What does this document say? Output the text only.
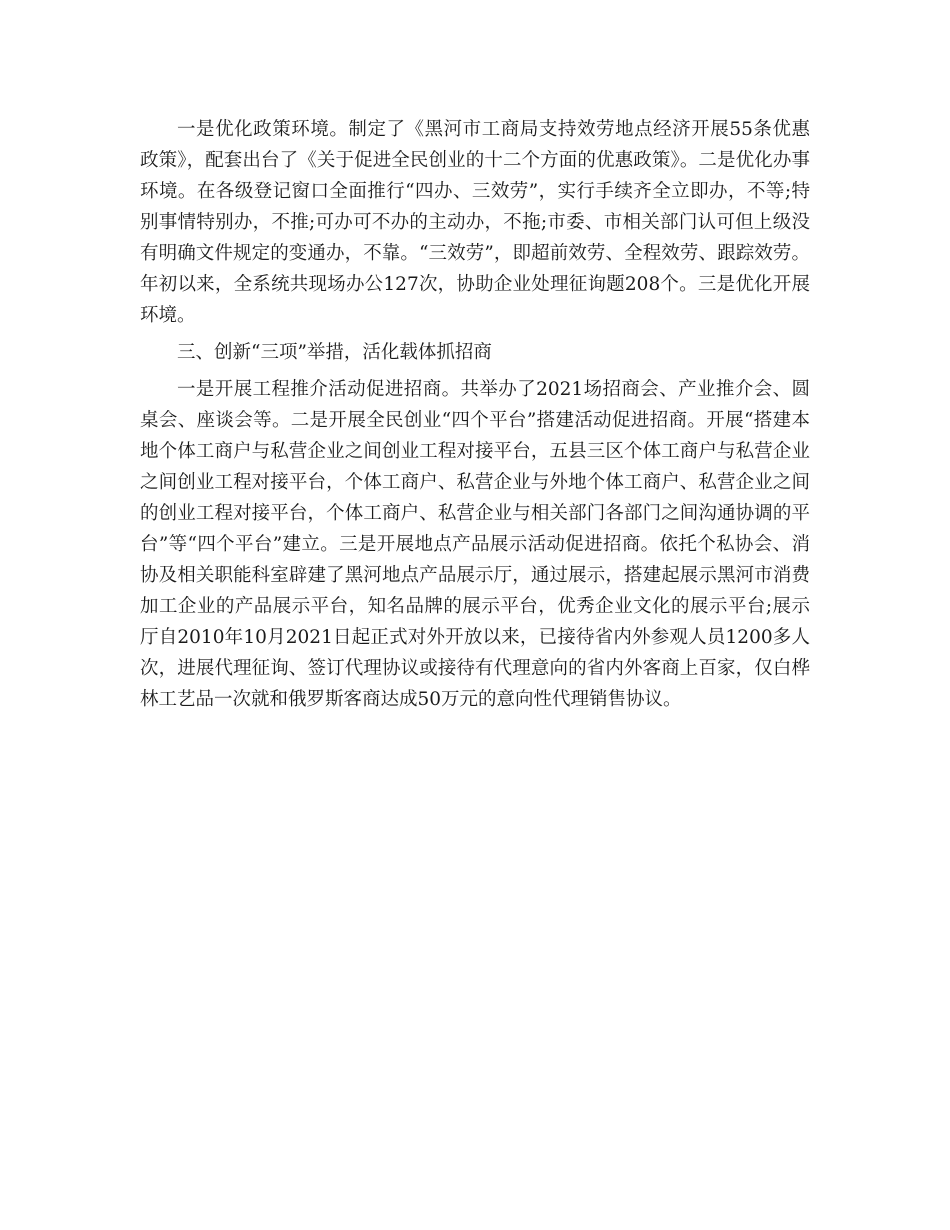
一是优化政策环境。制定了《黑河市工商局支持效劳地点经济开展55条优惠政策》，配套出台了《关于促进全民创业的十二个方面的优惠政策》。二是优化办事环境。在各级登记窗口全面推行“四办、三效劳”，实行手续齐全立即办，不等;特别事情特别办，不推;可办可不办的主动办，不拖;市委、市相关部门认可但上级没有明确文件规定的变通办，不靠。“三效劳”，即超前效劳、全程效劳、跟踪效劳。年初以来，全系统共现场办公127次，协助企业处理征询题208个。三是优化开展环境。

三、创新“三项”举措，活化载体抓招商

一是开展工程推介活动促进招商。共举办了2021场招商会、产业推介会、圆桌会、座谈会等。二是开展全民创业“四个平台”搭建活动促进招商。开展“搭建本地个体工商户与私营企业之间创业工程对接平台，五县三区个体工商户与私营企业之间创业工程对接平台，个体工商户、私营企业与外地个体工商户、私营企业之间的创业工程对接平台，个体工商户、私营企业与相关部门各部门之间沟通协调的平台”等“四个平台”建立。三是开展地点产品展示活动促进招商。依托个私协会、消协及相关职能科室辟建了黑河地点产品展示厅，通过展示，搭建起展示黑河市消费加工企业的产品展示平台，知名品牌的展示平台，优秀企业文化的展示平台;展示厅自2010年10月2021日起正式对外开放以来，已接待省内外参观人员1200多人次，进展代理征询、签订代理协议或接待有代理意向的省内外客商上百家，仅白桦林工艺品一次就和俄罗斯客商达成50万元的意向性代理销售协议。
